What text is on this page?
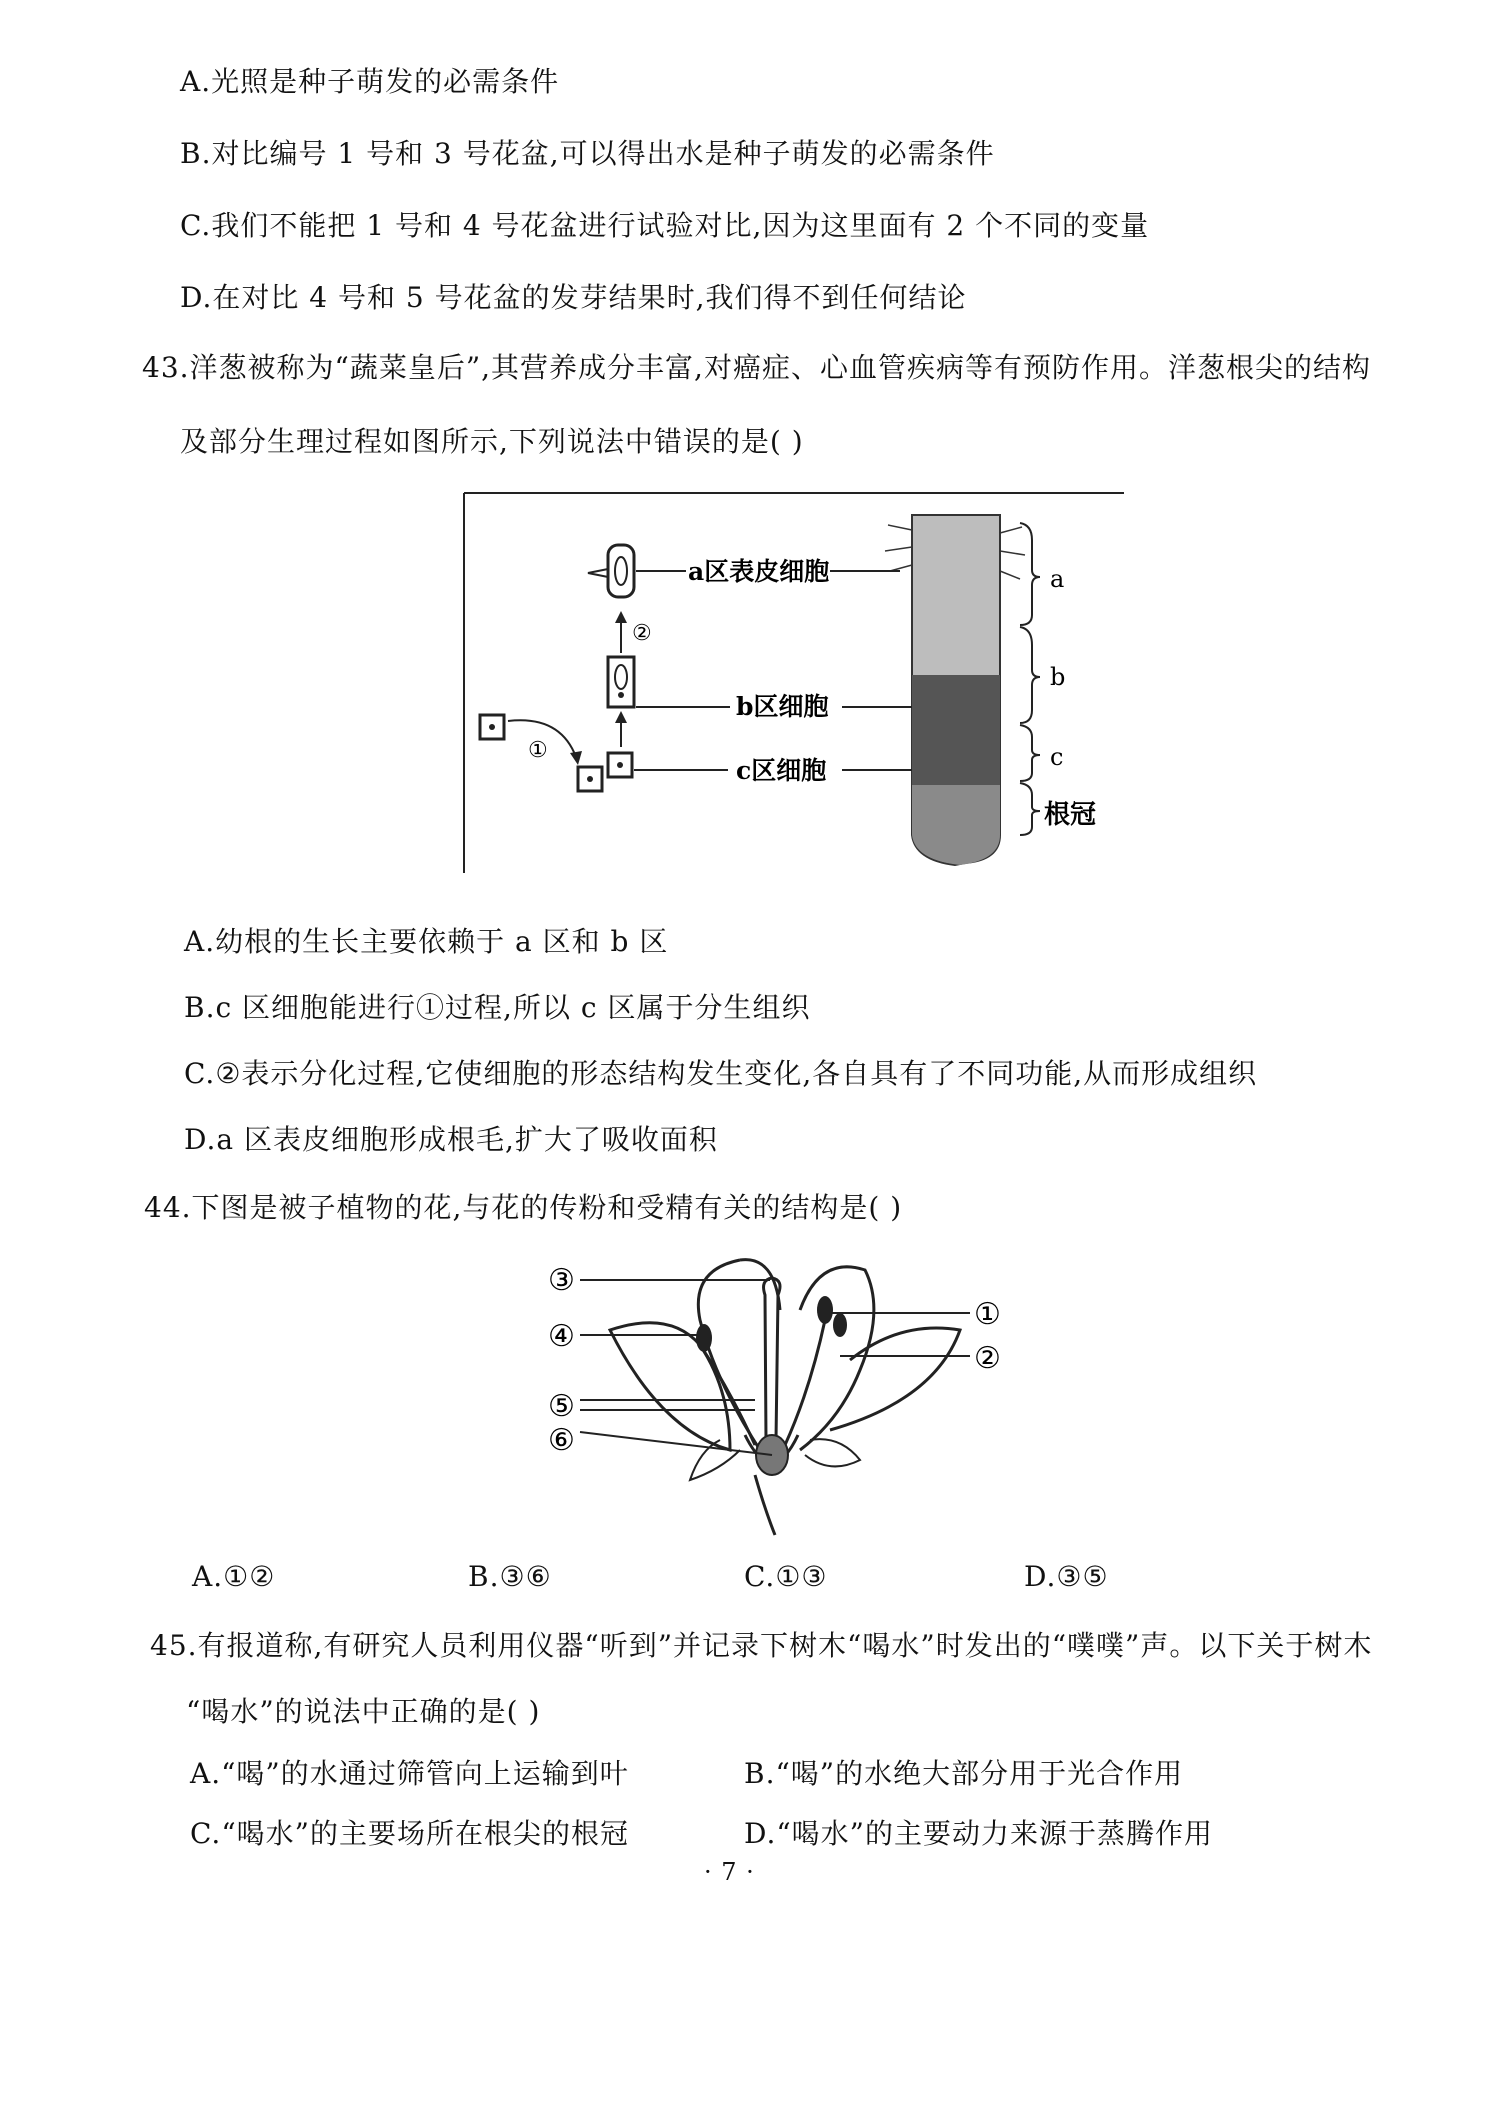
A.光照是种子萌发的必需条件
B.对比编号 1 号和 3 号花盆,可以得出水是种子萌发的必需条件
C.我们不能把 1 号和 4 号花盆进行试验对比,因为这里面有 2 个不同的变量
D.在对比 4 号和 5 号花盆的发芽结果时,我们得不到任何结论
43.洋葱被称为“蔬菜皇后”,其营养成分丰富,对癌症、心血管疾病等有预防作用。洋葱根尖的结构
及部分生理过程如图所示,下列说法中错误的是( )
a
b
c
根冠
a区表皮细胞
②
b区细胞
①
c区细胞
A.幼根的生长主要依赖于 a 区和 b 区
B.c 区细胞能进行①过程,所以 c 区属于分生组织
C.②表示分化过程,它使细胞的形态结构发生变化,各自具有了不同功能,从而形成组织
D.a 区表皮细胞形成根毛,扩大了吸收面积
44.下图是被子植物的花,与花的传粉和受精有关的结构是( )
③
④
⑤
⑥
①
②
A.①②	B.③⑥	C.①③	D.③⑤
45.有报道称,有研究人员利用仪器“听到”并记录下树木“喝水”时发出的“噗噗”声。以下关于树木
“喝水”的说法中正确的是( )
A.“喝”的水通过筛管向上运输到叶	B.“喝”的水绝大部分用于光合作用
C.“喝水”的主要场所在根尖的根冠	D.“喝水”的主要动力来源于蒸腾作用
· 7 ·
